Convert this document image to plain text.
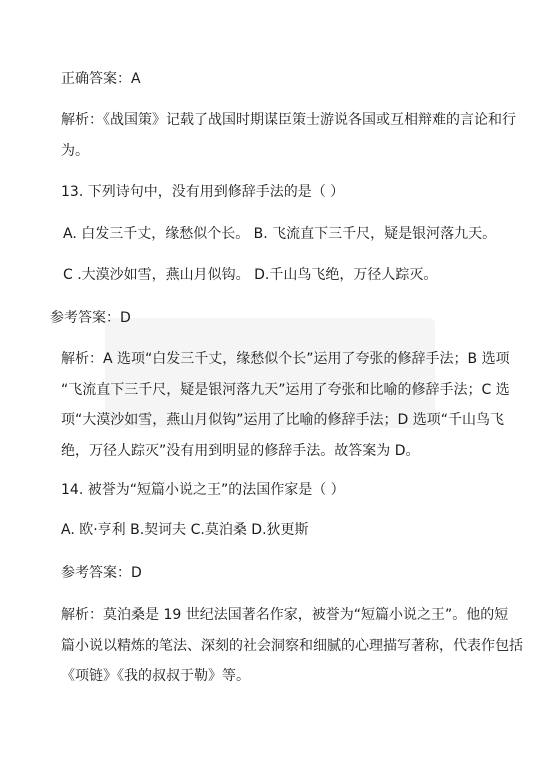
正确答案：A
解析：《战国策》记载了战国时期谋臣策士游说各国或互相辩难的言论和行
为。
13. 下列诗句中，没有用到修辞手法的是（ ）
A. 白发三千丈，缘愁似个长。 B. 飞流直下三千尺，疑是银河落九天。
C .大漠沙如雪，燕山月似钩。 D.千山鸟飞绝，万径人踪灭。
参考答案：D
解析：A 选项“白发三千丈，缘愁似个长”运用了夸张的修辞手法；B 选项
“飞流直下三千尺，疑是银河落九天”运用了夸张和比喻的修辞手法；C 选
项“大漠沙如雪，燕山月似钩”运用了比喻的修辞手法；D 选项“千山鸟飞
绝，万径人踪灭”没有用到明显的修辞手法。故答案为 D。
14. 被誉为“短篇小说之王”的法国作家是（ ）
A. 欧·亨利 B.契诃夫 C.莫泊桑 D.狄更斯
参考答案：D
解析：莫泊桑是 19 世纪法国著名作家，被誉为“短篇小说之王”。他的短
篇小说以精炼的笔法、深刻的社会洞察和细腻的心理描写著称，代表作包括
《项链》《我的叔叔于勒》等。
